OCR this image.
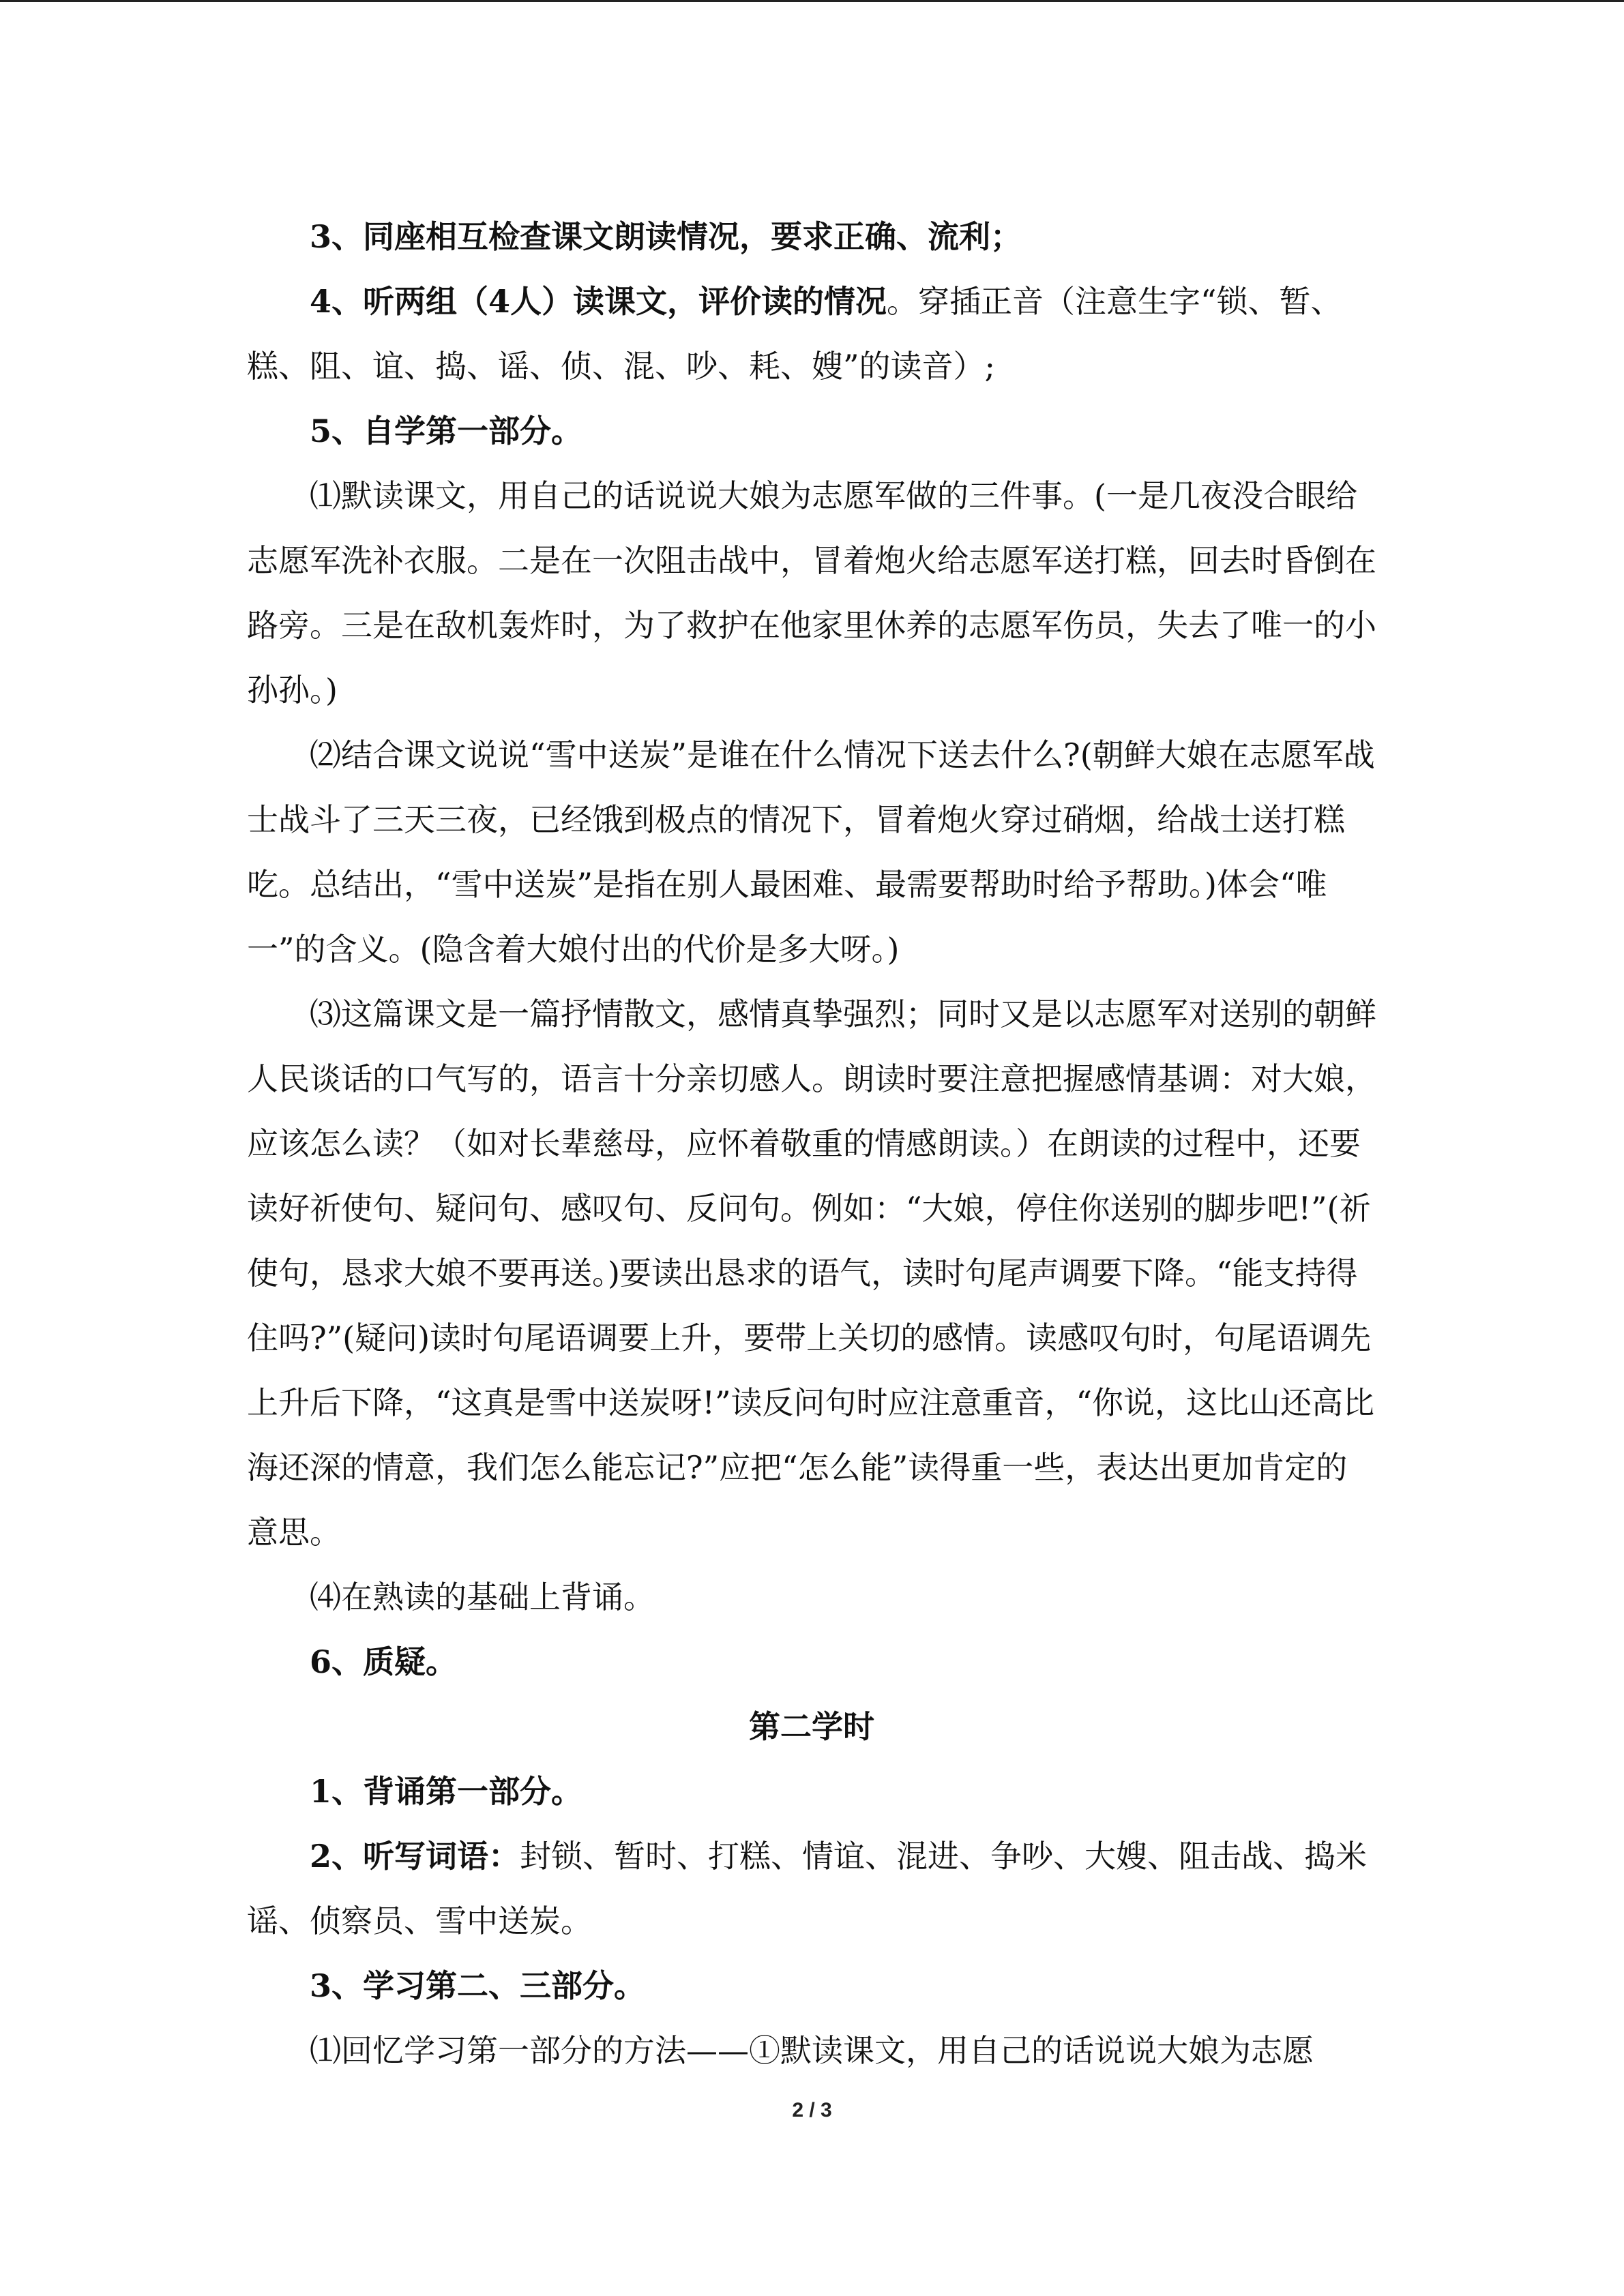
3、同座相互检查课文朗读情况，要求正确、流利；

4、听两组（4人）读课文，评价读的情况。穿插正音（注意生字“锁、暂、糕、阻、谊、捣、谣、侦、混、吵、耗、嫂”的读音）;

5、自学第一部分。

⑴默读课文，用自己的话说说大娘为志愿军做的三件事。(一是几夜没合眼给志愿军洗补衣服。二是在一次阻击战中，冒着炮火给志愿军送打糕，回去时昏倒在路旁。三是在敌机轰炸时，为了救护在他家里休养的志愿军伤员，失去了唯一的小孙孙。)

⑵结合课文说说“雪中送炭”是谁在什么情况下送去什么?(朝鲜大娘在志愿军战士战斗了三天三夜，已经饿到极点的情况下，冒着炮火穿过硝烟，给战士送打糕吃。总结出，“雪中送炭”是指在别人最困难、最需要帮助时给予帮助。)体会“唯一”的含义。(隐含着大娘付出的代价是多大呀。)

⑶这篇课文是一篇抒情散文，感情真挚强烈；同时又是以志愿军对送别的朝鲜人民谈话的口气写的，语言十分亲切感人。朗读时要注意把握感情基调：对大娘，应该怎么读？（如对长辈慈母，应怀着敬重的情感朗读。）在朗读的过程中，还要读好祈使句、疑问句、感叹句、反问句。例如：“大娘，停住你送别的脚步吧!”(祈使句，恳求大娘不要再送。)要读出恳求的语气，读时句尾声调要下降。“能支持得住吗?”(疑问)读时句尾语调要上升，要带上关切的感情。读感叹句时，句尾语调先上升后下降，“这真是雪中送炭呀!”读反问句时应注意重音，“你说，这比山还高比海还深的情意，我们怎么能忘记?”应把“怎么能”读得重一些，表达出更加肯定的意思。

⑷在熟读的基础上背诵。

6、质疑。

第二学时

1、背诵第一部分。

2、听写词语：封锁、暂时、打糕、情谊、混进、争吵、大嫂、阻击战、捣米谣、侦察员、雪中送炭。

3、学习第二、三部分。

⑴回忆学习第一部分的方法——①默读课文，用自己的话说说大娘为志愿

2 / 3
